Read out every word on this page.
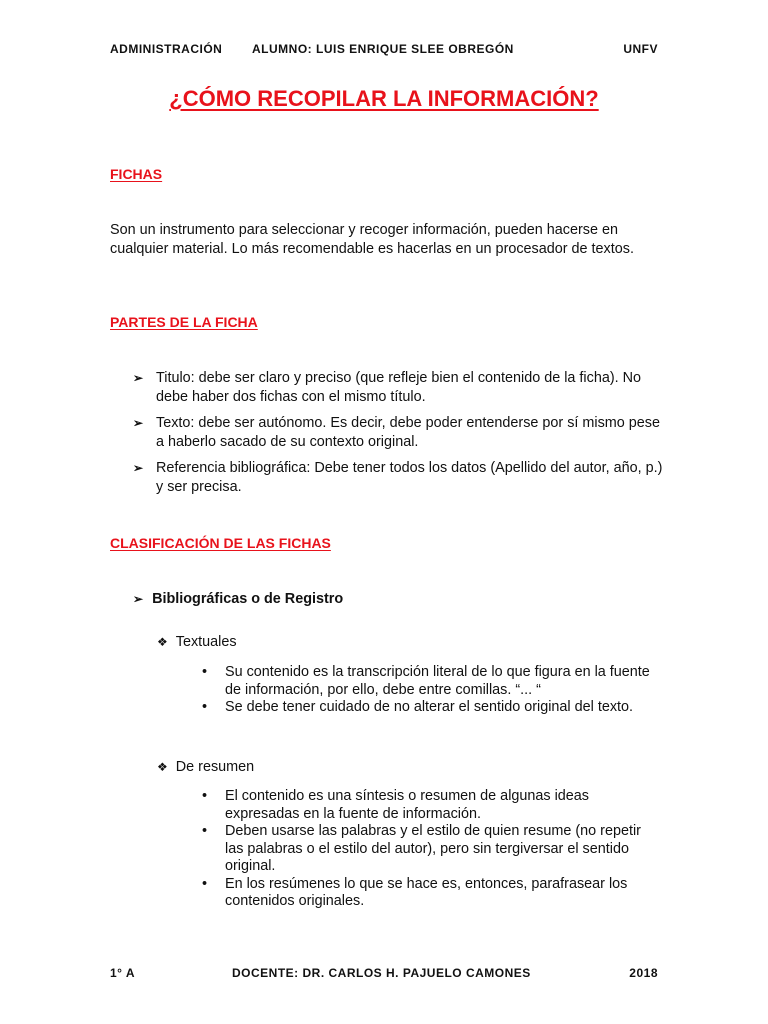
ADMINISTRACIÓN ALUMNO: LUIS ENRIQUE SLEE OBREGÓN	UNFV
¿CÓMO RECOPILAR LA INFORMACIÓN?
FICHAS
Son un instrumento para seleccionar y recoger información, pueden hacerse en cualquier material. Lo más recomendable es hacerlas en un procesador de textos.
PARTES DE LA FICHA
➢ Titulo: debe ser claro y preciso (que refleje bien el contenido de la ficha). No debe haber dos fichas con el mismo título.
➢ Texto: debe ser autónomo. Es decir, debe poder entenderse por sí mismo pese a haberlo sacado de su contexto original.
➢ Referencia bibliográfica: Debe tener todos los datos (Apellido del autor, año, p.) y ser precisa.
CLASIFICACIÓN DE LAS FICHAS
➢ Bibliográficas o de Registro
❖ Textuales
• Su contenido es la transcripción literal de lo que figura en la fuente de información, por ello, debe entre comillas. “... “
• Se debe tener cuidado de no alterar el sentido original del texto.
❖ De resumen
• El contenido es una síntesis o resumen de algunas ideas expresadas en la fuente de información.
• Deben usarse las palabras y el estilo de quien resume (no repetir las palabras o el estilo del autor), pero sin tergiversar el sentido original.
• En los resúmenes lo que se hace es, entonces, parafrasear los contenidos originales.
1° A	DOCENTE: DR. CARLOS H. PAJUELO CAMONES	2018
